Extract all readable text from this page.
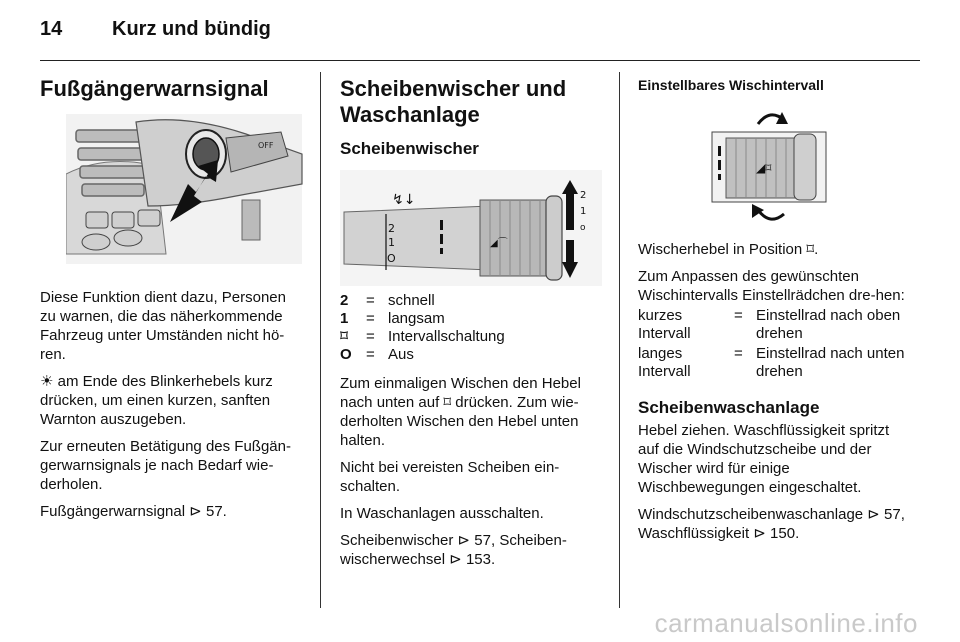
14 Kurz und bündig
Fußgängerwarnsignal
OFF

Diese Funktion dient dazu, Personen zu warnen, die das näherkommende Fahrzeug unter Umständen nicht hö-ren.

☀ am Ende des Blinkerhebels kurz drücken, um einen kurzen, sanften Warnton auszugeben.

Zur erneuten Betätigung des Fußgän-gerwarnsignals je nach Bedarf wie-derholen.

Fußgängerwarnsignal ⊳ 57.

Scheibenwischer und Waschanlage
Scheibenwischer
↯↓
2
1
O
◢⌒
2
1
o
2	=	schnell
1	=	langsam
⌑	=	Intervallschaltung
O	=	Aus

Zum einmaligen Wischen den Hebel nach unten auf ⌑ drücken. Zum wie-derholten Wischen den Hebel unten halten.

Nicht bei vereisten Scheiben ein-schalten.

In Waschanlagen ausschalten.

Scheibenwischer ⊳ 57, Scheiben-wischerwechsel ⊳ 153.

Einstellbares Wischintervall
◢⌑

Wischerhebel in Position ⌑.

Zum Anpassen des gewünschten Wischintervalls Einstellrädchen dre-hen:

kurzes Intervall	=	Einstellrad nach oben drehen
langes Intervall	=	Einstellrad nach unten drehen
Scheibenwaschanlage

Hebel ziehen. Waschflüssigkeit spritzt auf die Windschutzscheibe und der Wischer wird für einige Wischbewegungen eingeschaltet.

Windschutzscheibenwaschanlage ⊳ 57, Waschflüssigkeit ⊳ 150.

carmanualsonline.info
